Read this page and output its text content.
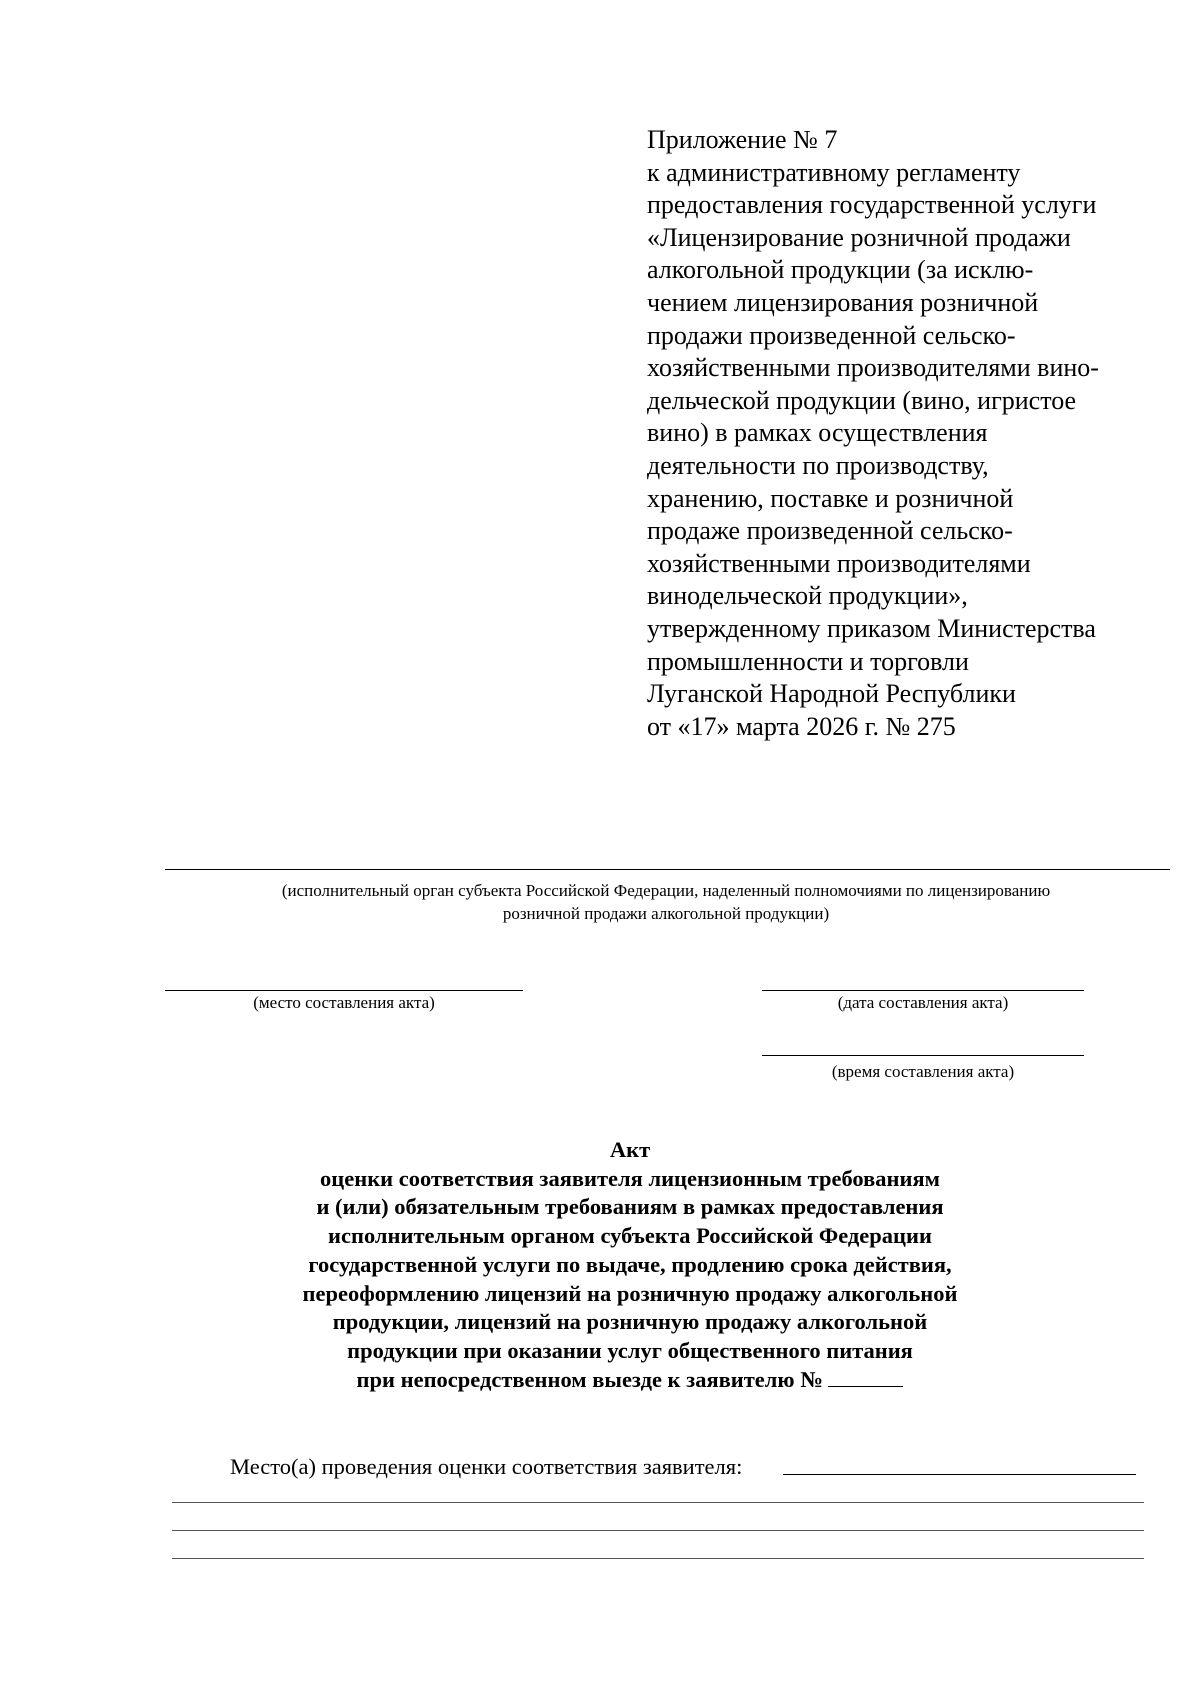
Приложение № 7
к административному регламенту
предоставления государственной услуги
«Лицензирование розничной продажи
алкогольной продукции (за исклю-
чением лицензирования розничной
продажи произведенной сельско-
хозяйственными производителями вино-
дельческой продукции (вино, игристое
вино) в рамках осуществления
деятельности по производству,
хранению, поставке и розничной
продаже произведенной сельско-
хозяйственными производителями
винодельческой продукции»,
утвержденному приказом Министерства
промышленности и торговли
Луганской Народной Республики
от «17» марта 2026 г. № 275
(исполнительный орган субъекта Российской Федерации, наделенный полномочиями по лицензированию
розничной продажи алкогольной продукции)
(место составления акта)	(дата составления акта)
(время составления акта)
Акт
оценки соответствия заявителя лицензионным требованиям
и (или) обязательным требованиям в рамках предоставления
исполнительным органом субъекта Российской Федерации
государственной услуги по выдаче, продлению срока действия,
переоформлению лицензий на розничную продажу алкогольной
продукции, лицензий на розничную продажу алкогольной
продукции при оказании услуг общественного питания
при непосредственном выезде к заявителю №
Место(а) проведения оценки соответствия заявителя:
